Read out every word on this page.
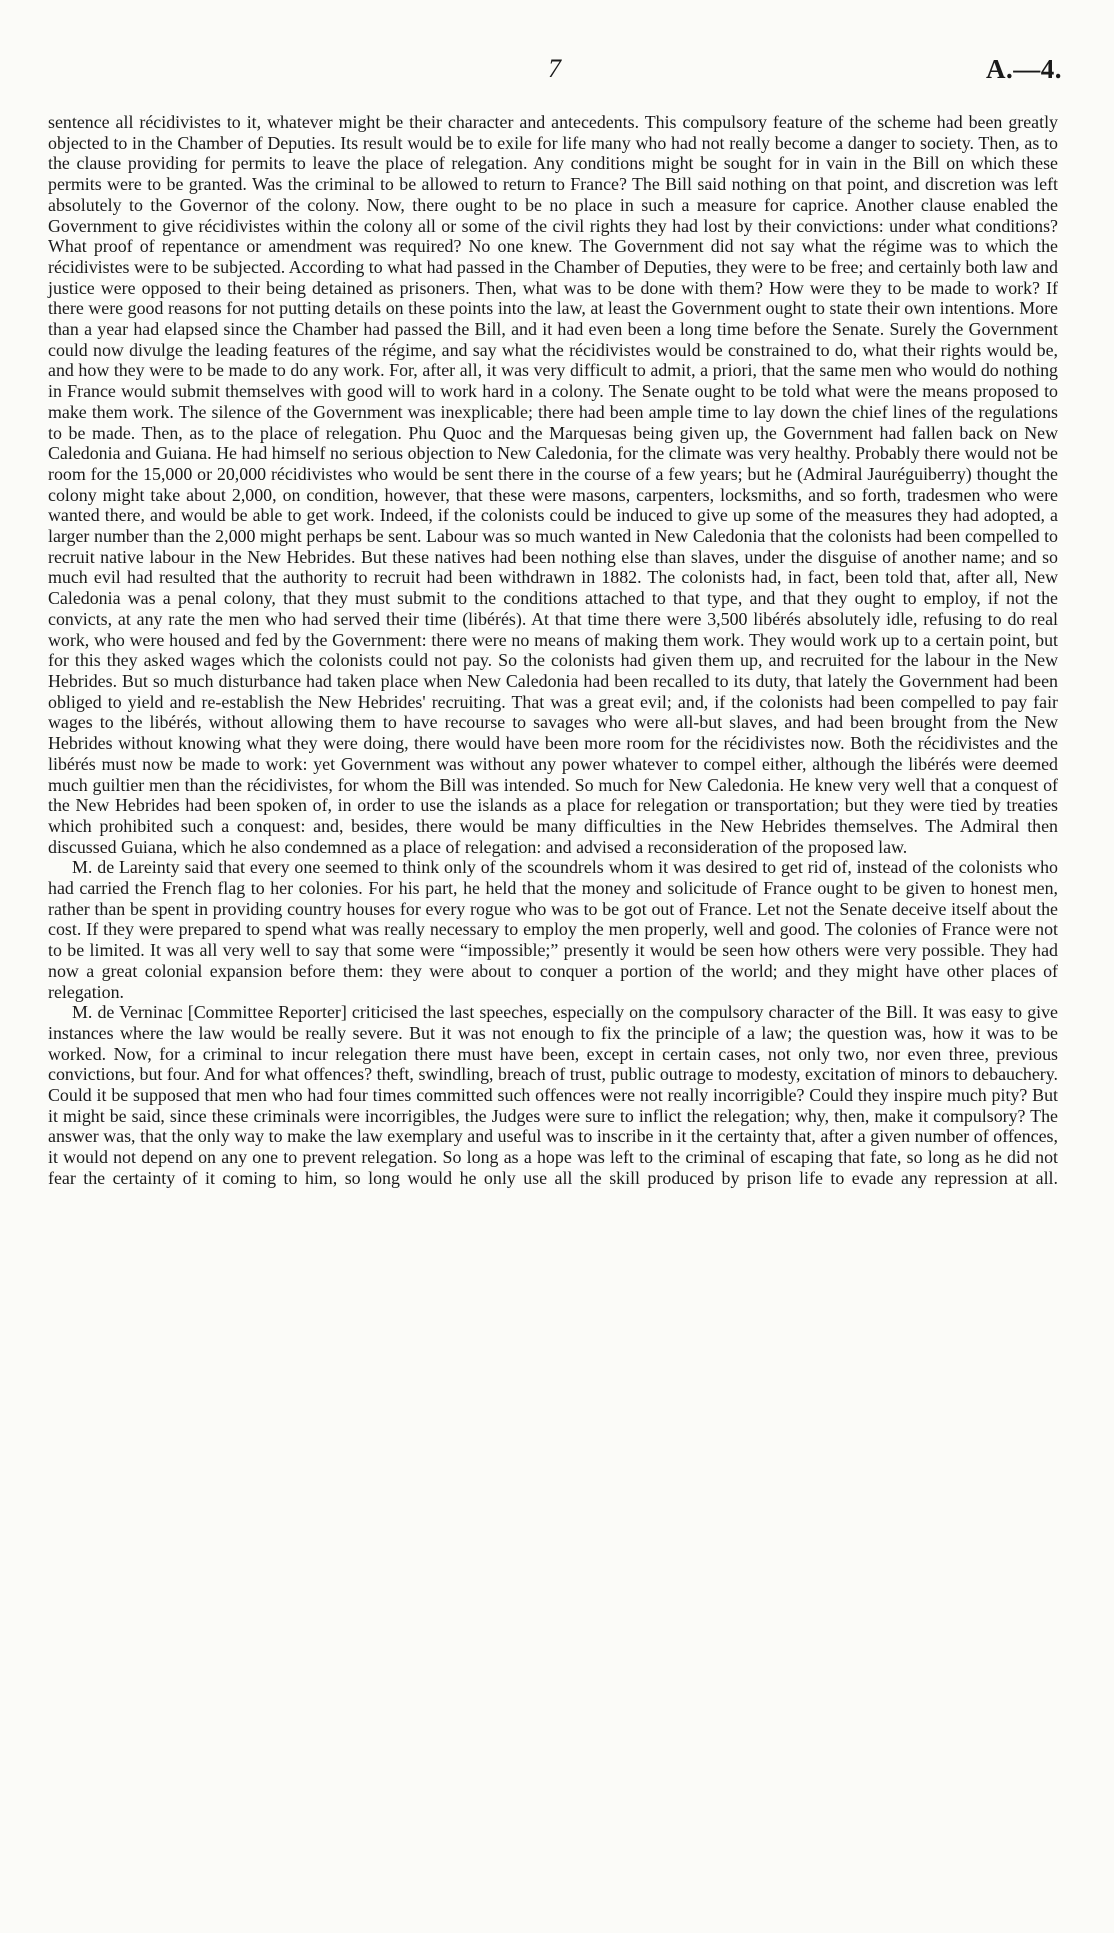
7	A.—4.

sentence all récidivistes to it, whatever might be their character and antecedents. This compulsory feature of the scheme had been greatly objected to in the Chamber of Deputies. Its result would be to exile for life many who had not really become a danger to society. Then, as to the clause providing for permits to leave the place of relegation. Any conditions might be sought for in vain in the Bill on which these permits were to be granted. Was the criminal to be allowed to return to France? The Bill said nothing on that point, and discretion was left absolutely to the Governor of the colony. Now, there ought to be no place in such a measure for caprice. Another clause enabled the Government to give récidivistes within the colony all or some of the civil rights they had lost by their convictions: under what conditions? What proof of repentance or amendment was required? No one knew. The Government did not say what the régime was to which the récidivistes were to be subjected. According to what had passed in the Chamber of Deputies, they were to be free; and certainly both law and justice were opposed to their being detained as prisoners. Then, what was to be done with them? How were they to be made to work? If there were good reasons for not putting details on these points into the law, at least the Government ought to state their own intentions. More than a year had elapsed since the Chamber had passed the Bill, and it had even been a long time before the Senate. Surely the Government could now divulge the leading features of the régime, and say what the récidivistes would be constrained to do, what their rights would be, and how they were to be made to do any work. For, after all, it was very difficult to admit, a priori, that the same men who would do nothing in France would submit themselves with good will to work hard in a colony. The Senate ought to be told what were the means proposed to make them work. The silence of the Government was inexplicable; there had been ample time to lay down the chief lines of the regulations to be made. Then, as to the place of relegation. Phu Quoc and the Marquesas being given up, the Government had fallen back on New Caledonia and Guiana. He had himself no serious objection to New Caledonia, for the climate was very healthy. Probably there would not be room for the 15,000 or 20,000 récidivistes who would be sent there in the course of a few years; but he (Admiral Jauréguiberry) thought the colony might take about 2,000, on condition, however, that these were masons, carpenters, locksmiths, and so forth, tradesmen who were wanted there, and would be able to get work. Indeed, if the colonists could be induced to give up some of the measures they had adopted, a larger number than the 2,000 might perhaps be sent. Labour was so much wanted in New Caledonia that the colonists had been compelled to recruit native labour in the New Hebrides. But these natives had been nothing else than slaves, under the disguise of another name; and so much evil had resulted that the authority to recruit had been withdrawn in 1882. The colonists had, in fact, been told that, after all, New Caledonia was a penal colony, that they must submit to the conditions attached to that type, and that they ought to employ, if not the convicts, at any rate the men who had served their time (libérés). At that time there were 3,500 libérés absolutely idle, refusing to do real work, who were housed and fed by the Government: there were no means of making them work. They would work up to a certain point, but for this they asked wages which the colonists could not pay. So the colonists had given them up, and recruited for the labour in the New Hebrides. But so much disturbance had taken place when New Caledonia had been recalled to its duty, that lately the Government had been obliged to yield and re-establish the New Hebrides' recruiting. That was a great evil; and, if the colonists had been compelled to pay fair wages to the libérés, without allowing them to have recourse to savages who were all-but slaves, and had been brought from the New Hebrides without knowing what they were doing, there would have been more room for the récidivistes now. Both the récidivistes and the libérés must now be made to work: yet Government was without any power whatever to compel either, although the libérés were deemed much guiltier men than the récidivistes, for whom the Bill was intended. So much for New Caledonia. He knew very well that a conquest of the New Hebrides had been spoken of, in order to use the islands as a place for relegation or transportation; but they were tied by treaties which prohibited such a conquest: and, besides, there would be many difficulties in the New Hebrides themselves. The Admiral then discussed Guiana, which he also condemned as a place of relegation: and advised a reconsideration of the proposed law.

M. de Lareinty said that every one seemed to think only of the scoundrels whom it was desired to get rid of, instead of the colonists who had carried the French flag to her colonies. For his part, he held that the money and solicitude of France ought to be given to honest men, rather than be spent in providing country houses for every rogue who was to be got out of France. Let not the Senate deceive itself about the cost. If they were prepared to spend what was really necessary to employ the men properly, well and good. The colonies of France were not to be limited. It was all very well to say that some were “impossible;” presently it would be seen how others were very possible. They had now a great colonial expansion before them: they were about to conquer a portion of the world; and they might have other places of relegation.

M. de Verninac [Committee Reporter] criticised the last speeches, especially on the compulsory character of the Bill. It was easy to give instances where the law would be really severe. But it was not enough to fix the principle of a law; the question was, how it was to be worked. Now, for a criminal to incur relegation there must have been, except in certain cases, not only two, nor even three, previous convictions, but four. And for what offences? theft, swindling, breach of trust, public outrage to modesty, excitation of minors to debauchery. Could it be supposed that men who had four times committed such offences were not really incorrigible? Could they inspire much pity? But it might be said, since these criminals were incorrigibles, the Judges were sure to inflict the relegation; why, then, make it compulsory? The answer was, that the only way to make the law exemplary and useful was to inscribe in it the certainty that, after a given number of offences, it would not depend on any one to prevent relegation. So long as a hope was left to the criminal of escaping that fate, so long as he did not fear the certainty of it coming to him, so long would he only use all the skill produced by prison life to evade any repression at all.
